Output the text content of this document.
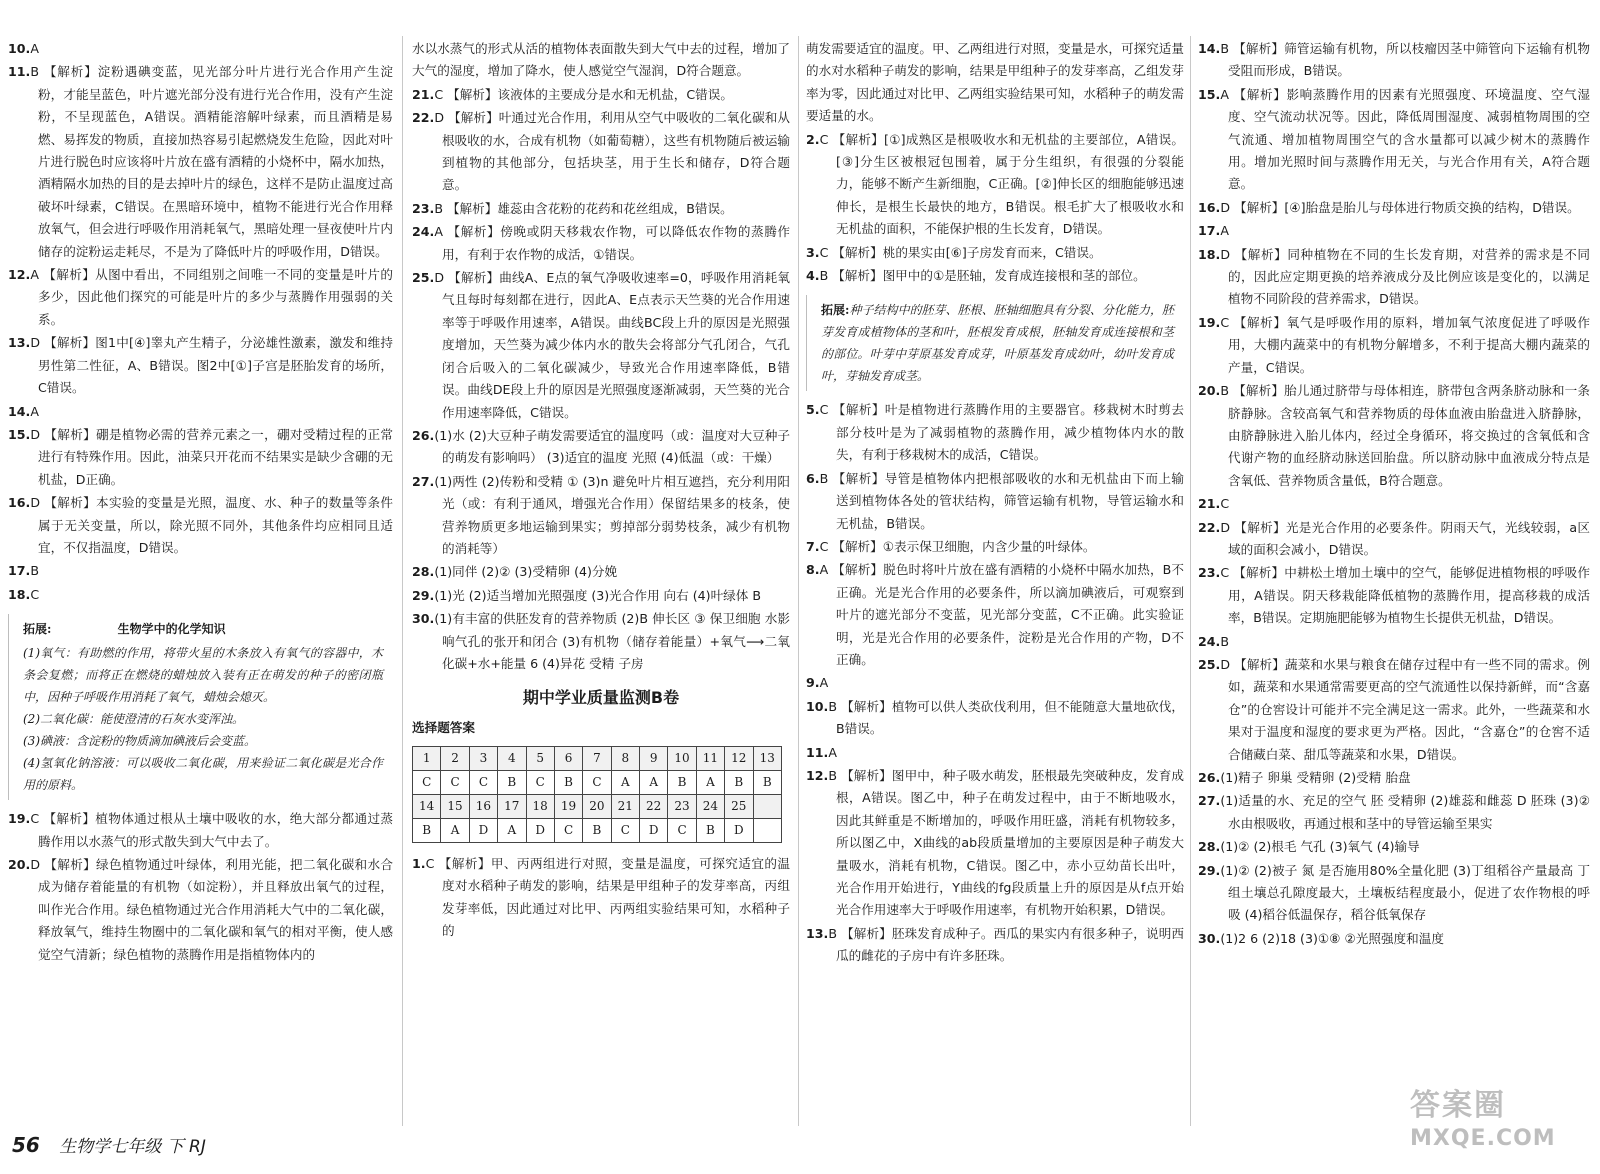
10.A
11.B 【解析】淀粉遇碘变蓝，见光部分叶片进行光合作用产生淀粉，才能呈蓝色，叶片遮光部分没有进行光合作用，没有产生淀粉，不呈现蓝色，A错误。酒精能溶解叶绿素，而且酒精是易燃、易挥发的物质，直接加热容易引起燃烧发生危险，因此对叶片进行脱色时应该将叶片放在盛有酒精的小烧杯中，隔水加热，酒精隔水加热的目的是去掉叶片的绿色，这样不是防止温度过高破坏叶绿素，C错误。在黑暗环境中，植物不能进行光合作用释放氧气，但会进行呼吸作用消耗氧气，黑暗处理一昼夜使叶片内储存的淀粉运走耗尽，不是为了降低叶片的呼吸作用，D错误。
12.A 【解析】从图中看出，不同组别之间唯一不同的变量是叶片的多少，因此他们探究的可能是叶片的多少与蒸腾作用强弱的关系。
13.D 【解析】图1中[④]睾丸产生精子，分泌雄性激素，激发和维持男性第二性征，A、B错误。图2中[①]子宫是胚胎发育的场所，C错误。
14.A
15.D 【解析】硼是植物必需的营养元素之一，硼对受精过程的正常进行有特殊作用。因此，油菜只开花而不结果实是缺少含硼的无机盐，D正确。
16.D 【解析】本实验的变量是光照，温度、水、种子的数量等条件属于无关变量，所以，除光照不同外，其他条件均应相同且适宜，不仅指温度，D错误。
17.B
18.C
拓展:	生物学中的化学知识
(1)氧气：有助燃的作用，将带火星的木条放入有氧气的容器中，木条会复燃；而将正在燃烧的蜡烛放入装有正在萌发的种子的密闭瓶中，因种子呼吸作用消耗了氧气，蜡烛会熄灭。
(2)二氧化碳：能使澄清的石灰水变浑浊。
(3)碘液：含淀粉的物质滴加碘液后会变蓝。
(4)氢氧化钠溶液：可以吸收二氧化碳，用来验证二氧化碳是光合作用的原料。
19.C 【解析】植物体通过根从土壤中吸收的水，绝大部分都通过蒸腾作用以水蒸气的形式散失到大气中去了。
20.D 【解析】绿色植物通过叶绿体，利用光能，把二氧化碳和水合成为储存着能量的有机物（如淀粉），并且释放出氧气的过程，叫作光合作用。绿色植物通过光合作用消耗大气中的二氧化碳，释放氧气，维持生物圈中的二氧化碳和氧气的相对平衡，使人感觉空气清新；绿色植物的蒸腾作用是指植物体内的
水以水蒸气的形式从活的植物体表面散失到大气中去的过程，增加了大气的湿度，增加了降水，使人感觉空气湿润，D符合题意。
21.C 【解析】该液体的主要成分是水和无机盐，C错误。
22.D 【解析】叶通过光合作用，利用从空气中吸收的二氧化碳和从根吸收的水，合成有机物（如葡萄糖），这些有机物随后被运输到植物的其他部分，包括块茎，用于生长和储存，D符合题意。
23.B 【解析】雄蕊由含花粉的花药和花丝组成，B错误。
24.A 【解析】傍晚或阴天移栽农作物，可以降低农作物的蒸腾作用，有利于农作物的成活，①错误。
25.D 【解析】曲线A、E点的氧气净吸收速率=0，呼吸作用消耗氧气且每时每刻都在进行，因此A、E点表示天竺葵的光合作用速率等于呼吸作用速率，A错误。曲线BC段上升的原因是光照强度增加，天竺葵为减少体内水的散失会将部分气孔闭合，气孔闭合后吸入的二氧化碳减少，导致光合作用速率降低，B错误。曲线DE段上升的原因是光照强度逐渐减弱，天竺葵的光合作用速率降低，C错误。
26.(1)水 (2)大豆种子萌发需要适宜的温度吗（或：温度对大豆种子的萌发有影响吗） (3)适宜的温度 光照 (4)低温（或：干燥）
27.(1)两性 (2)传粉和受精 ① (3)n 避免叶片相互遮挡，充分利用阳光（或：有利于通风，增强光合作用）保留结果多的枝条，使营养物质更多地运输到果实；剪掉部分弱势枝条，减少有机物的消耗等）
28.(1)同伴 (2)② (3)受精卵 (4)分娩
29.(1)光 (2)适当增加光照强度 (3)光合作用 向右 (4)叶绿体 B
30.(1)有丰富的供胚发育的营养物质 (2)B 伸长区 ③ 保卫细胞 水影响气孔的张开和闭合 (3)有机物（储存着能量）+氧气⟶二氧化碳+水+能量 6 (4)异花 受精 子房
期中学业质量监测B卷
选择题答案
1	2	3	4	5	6	7	8	9	10	11	12	13
C	C	C	B	C	B	C	A	A	B	A	B	B
14	15	16	17	18	19	20	21	22	23	24	25	
B	A	D	A	D	C	B	C	D	C	B	D	
1.C 【解析】甲、丙两组进行对照，变量是温度，可探究适宜的温度对水稻种子萌发的影响，结果是甲组种子的发芽率高，丙组发芽率低，因此通过对比甲、丙两组实验结果可知，水稻种子的
萌发需要适宜的温度。甲、乙两组进行对照，变量是水，可探究适量的水对水稻种子萌发的影响，结果是甲组种子的发芽率高，乙组发芽率为零，因此通过对比甲、乙两组实验结果可知，水稻种子的萌发需要适量的水。
2.C 【解析】[①]成熟区是根吸收水和无机盐的主要部位，A错误。[③]分生区被根冠包围着，属于分生组织，有很强的分裂能力，能够不断产生新细胞，C正确。[②]伸长区的细胞能够迅速伸长，是根生长最快的地方，B错误。根毛扩大了根吸收水和无机盐的面积，不能保护根的生长发育，D错误。
3.C 【解析】桃的果实由[⑥]子房发育而来，C错误。
4.B 【解析】图甲中的①是胚轴，发育成连接根和茎的部位。
拓展:种子结构中的胚芽、胚根、胚轴细胞具有分裂、分化能力，胚芽发育成植物体的茎和叶，胚根发育成根，胚轴发育成连接根和茎的部位。叶芽中芽原基发育成芽，叶原基发育成幼叶，幼叶发育成叶，芽轴发育成茎。
5.C 【解析】叶是植物进行蒸腾作用的主要器官。移栽树木时剪去部分枝叶是为了减弱植物的蒸腾作用，减少植物体内水的散失，有利于移栽树木的成活，C错误。
6.B 【解析】导管是植物体内把根部吸收的水和无机盐由下而上输送到植物体各处的管状结构，筛管运输有机物，导管运输水和无机盐，B错误。
7.C 【解析】①表示保卫细胞，内含少量的叶绿体。
8.A 【解析】脱色时将叶片放在盛有酒精的小烧杯中隔水加热，B不正确。光是光合作用的必要条件，所以滴加碘液后，可观察到叶片的遮光部分不变蓝，见光部分变蓝，C不正确。此实验证明，光是光合作用的必要条件，淀粉是光合作用的产物，D不正确。
9.A
10.B 【解析】植物可以供人类砍伐利用，但不能随意大量地砍伐，B错误。
11.A
12.B 【解析】图甲中，种子吸水萌发，胚根最先突破种皮，发育成根，A错误。图乙中，种子在萌发过程中，由于不断地吸水，因此其鲜重是不断增加的，呼吸作用旺盛，消耗有机物较多，所以图乙中，X曲线的ab段质量增加的主要原因是种子萌发大量吸水，消耗有机物，C错误。图乙中，赤小豆幼苗长出叶，光合作用开始进行，Y曲线的fg段质量上升的原因是从f点开始光合作用速率大于呼吸作用速率，有机物开始积累，D错误。
13.B 【解析】胚珠发育成种子。西瓜的果实内有很多种子，说明西瓜的雌花的子房中有许多胚珠。
14.B 【解析】筛管运输有机物，所以枝瘤因茎中筛管向下运输有机物受阻而形成，B错误。
15.A 【解析】影响蒸腾作用的因素有光照强度、环境温度、空气湿度、空气流动状况等。因此，降低周围湿度、减弱植物周围的空气流通、增加植物周围空气的含水量都可以减少树木的蒸腾作用。增加光照时间与蒸腾作用无关，与光合作用有关，A符合题意。
16.D 【解析】[④]胎盘是胎儿与母体进行物质交换的结构，D错误。
17.A
18.D 【解析】同种植物在不同的生长发育期，对营养的需求是不同的，因此应定期更换的培养液成分及比例应该是变化的，以满足植物不同阶段的营养需求，D错误。
19.C 【解析】氧气是呼吸作用的原料，增加氧气浓度促进了呼吸作用，大棚内蔬菜中的有机物分解增多，不利于提高大棚内蔬菜的产量，C错误。
20.B 【解析】胎儿通过脐带与母体相连，脐带包含两条脐动脉和一条脐静脉。含较高氧气和营养物质的母体血液由胎盘进入脐静脉，由脐静脉进入胎儿体内，经过全身循环，将交换过的含氧低和含代谢产物的血经脐动脉送回胎盘。所以脐动脉中血液成分特点是含氧低、营养物质含量低，B符合题意。
21.C
22.D 【解析】光是光合作用的必要条件。阴雨天气，光线较弱，a区域的面积会减小，D错误。
23.C 【解析】中耕松土增加土壤中的空气，能够促进植物根的呼吸作用，A错误。阴天移栽能降低植物的蒸腾作用，提高移栽的成活率，B错误。定期施肥能够为植物生长提供无机盐，D错误。
24.B
25.D 【解析】蔬菜和水果与粮食在储存过程中有一些不同的需求。例如，蔬菜和水果通常需要更高的空气流通性以保持新鲜，而“含嘉仓”的仓窖设计可能并不完全满足这一需求。此外，一些蔬菜和水果对于温度和湿度的要求更为严格。因此，“含嘉仓”的仓窖不适合储藏白菜、甜瓜等蔬菜和水果，D错误。
26.(1)精子 卵巢 受精卵 (2)受精 胎盘
27.(1)适量的水、充足的空气 胚 受精卵 (2)雄蕊和雌蕊 D 胚珠 (3)② 水由根吸收，再通过根和茎中的导管运输至果实
28.(1)② (2)根毛 气孔 (3)氧气 (4)输导
29.(1)② (2)被子 氮 是否施用80%全量化肥 (3)丁组稻谷产量最高 丁组土壤总孔隙度最大，土壤板结程度最小，促进了农作物根的呼吸 (4)稻谷低温保存，稻谷低氧保存
30.(1)2 6 (2)18 (3)①⑧ ②光照强度和温度
56 生物学七年级 下 RJ
答案圈
MXQE.COM
